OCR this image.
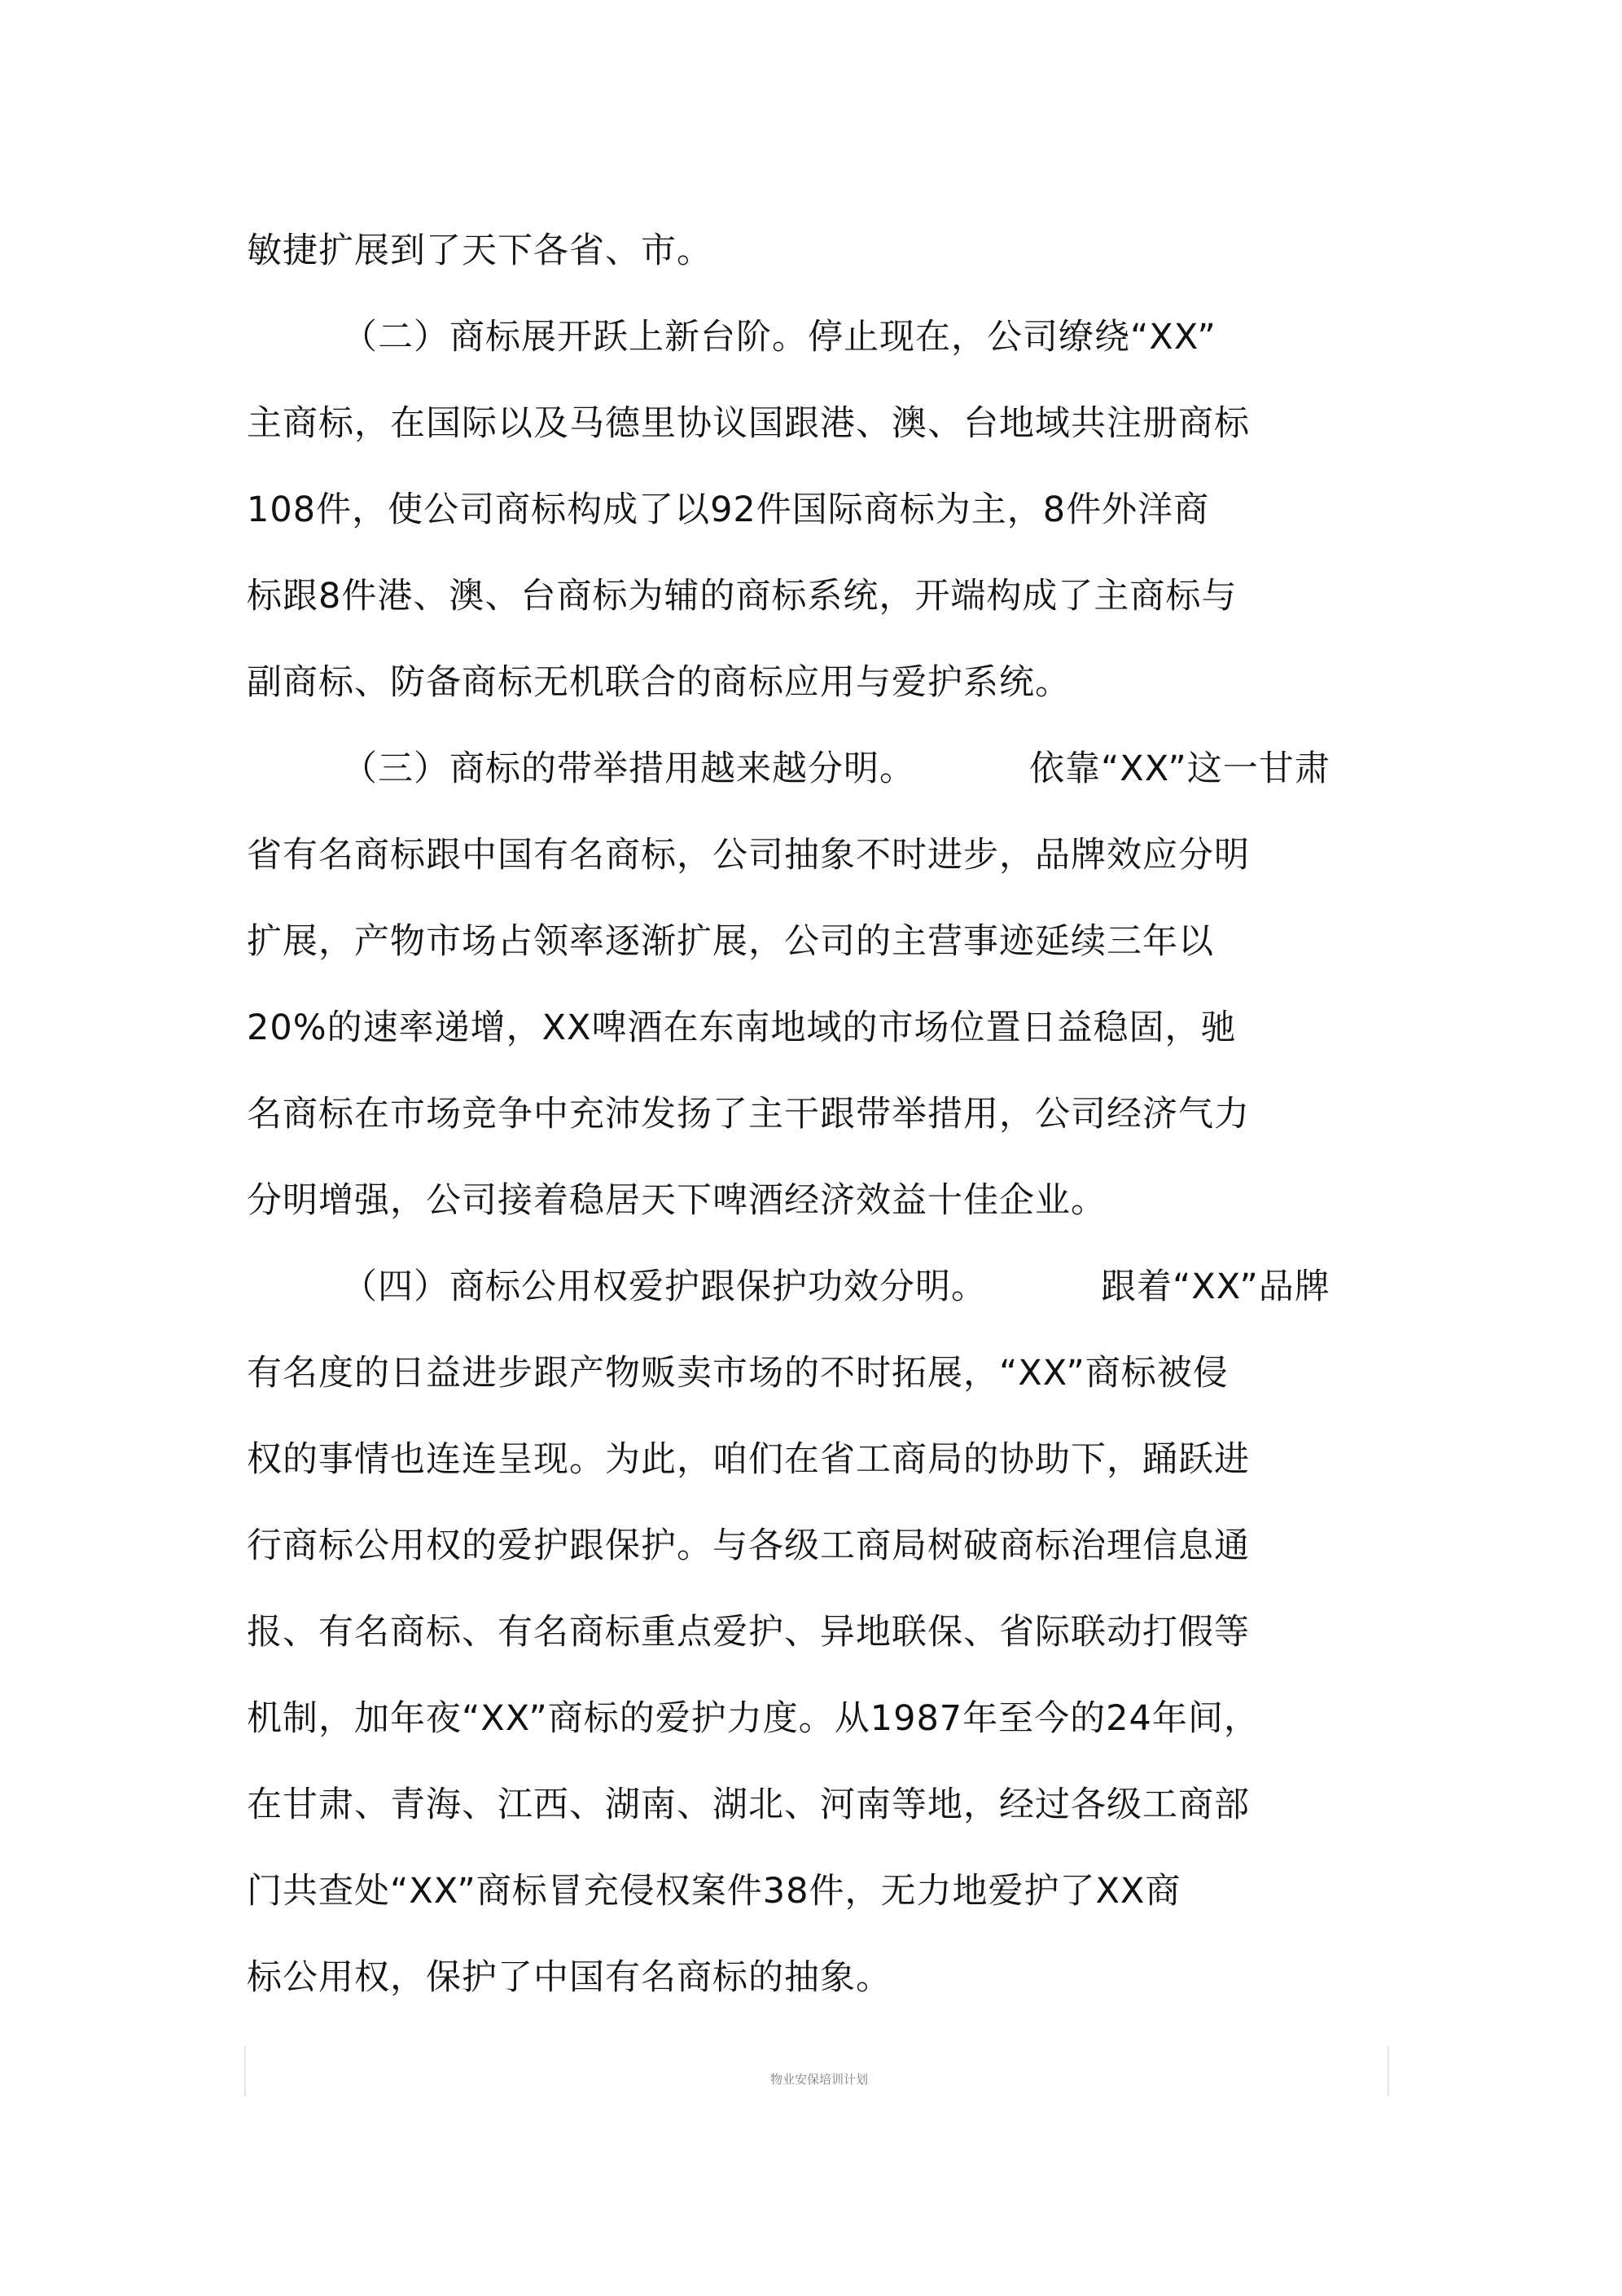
敏捷扩展到了天下各省、市。
（二）商标展开跃上新台阶。停止现在，公司缭绕“XX”
主商标，在国际以及马德里协议国跟港、澳、台地域共注册商标
108件，使公司商标构成了以92件国际商标为主，8件外洋商
标跟8件港、澳、台商标为辅的商标系统，开端构成了主商标与
副商标、防备商标无机联合的商标应用与爱护系统。
（三）商标的带举措用越来越分明。	依靠“XX”这一甘肃
省有名商标跟中国有名商标，公司抽象不时进步，品牌效应分明
扩展，产物市场占领率逐渐扩展，公司的主营事迹延续三年以
20%的速率递增，XX啤酒在东南地域的市场位置日益稳固，驰
名商标在市场竞争中充沛发扬了主干跟带举措用，公司经济气力
分明增强，公司接着稳居天下啤酒经济效益十佳企业。
（四）商标公用权爱护跟保护功效分明。	跟着“XX”品牌
有名度的日益进步跟产物贩卖市场的不时拓展，“XX”商标被侵
权的事情也连连呈现。为此，咱们在省工商局的协助下，踊跃进
行商标公用权的爱护跟保护。与各级工商局树破商标治理信息通
报、有名商标、有名商标重点爱护、异地联保、省际联动打假等
机制，加年夜“XX”商标的爱护力度。从1987年至今的24年间，
在甘肃、青海、江西、湖南、湖北、河南等地，经过各级工商部
门共查处“XX”商标冒充侵权案件38件，无力地爱护了XX商
标公用权，保护了中国有名商标的抽象。
物业安保培训计划
